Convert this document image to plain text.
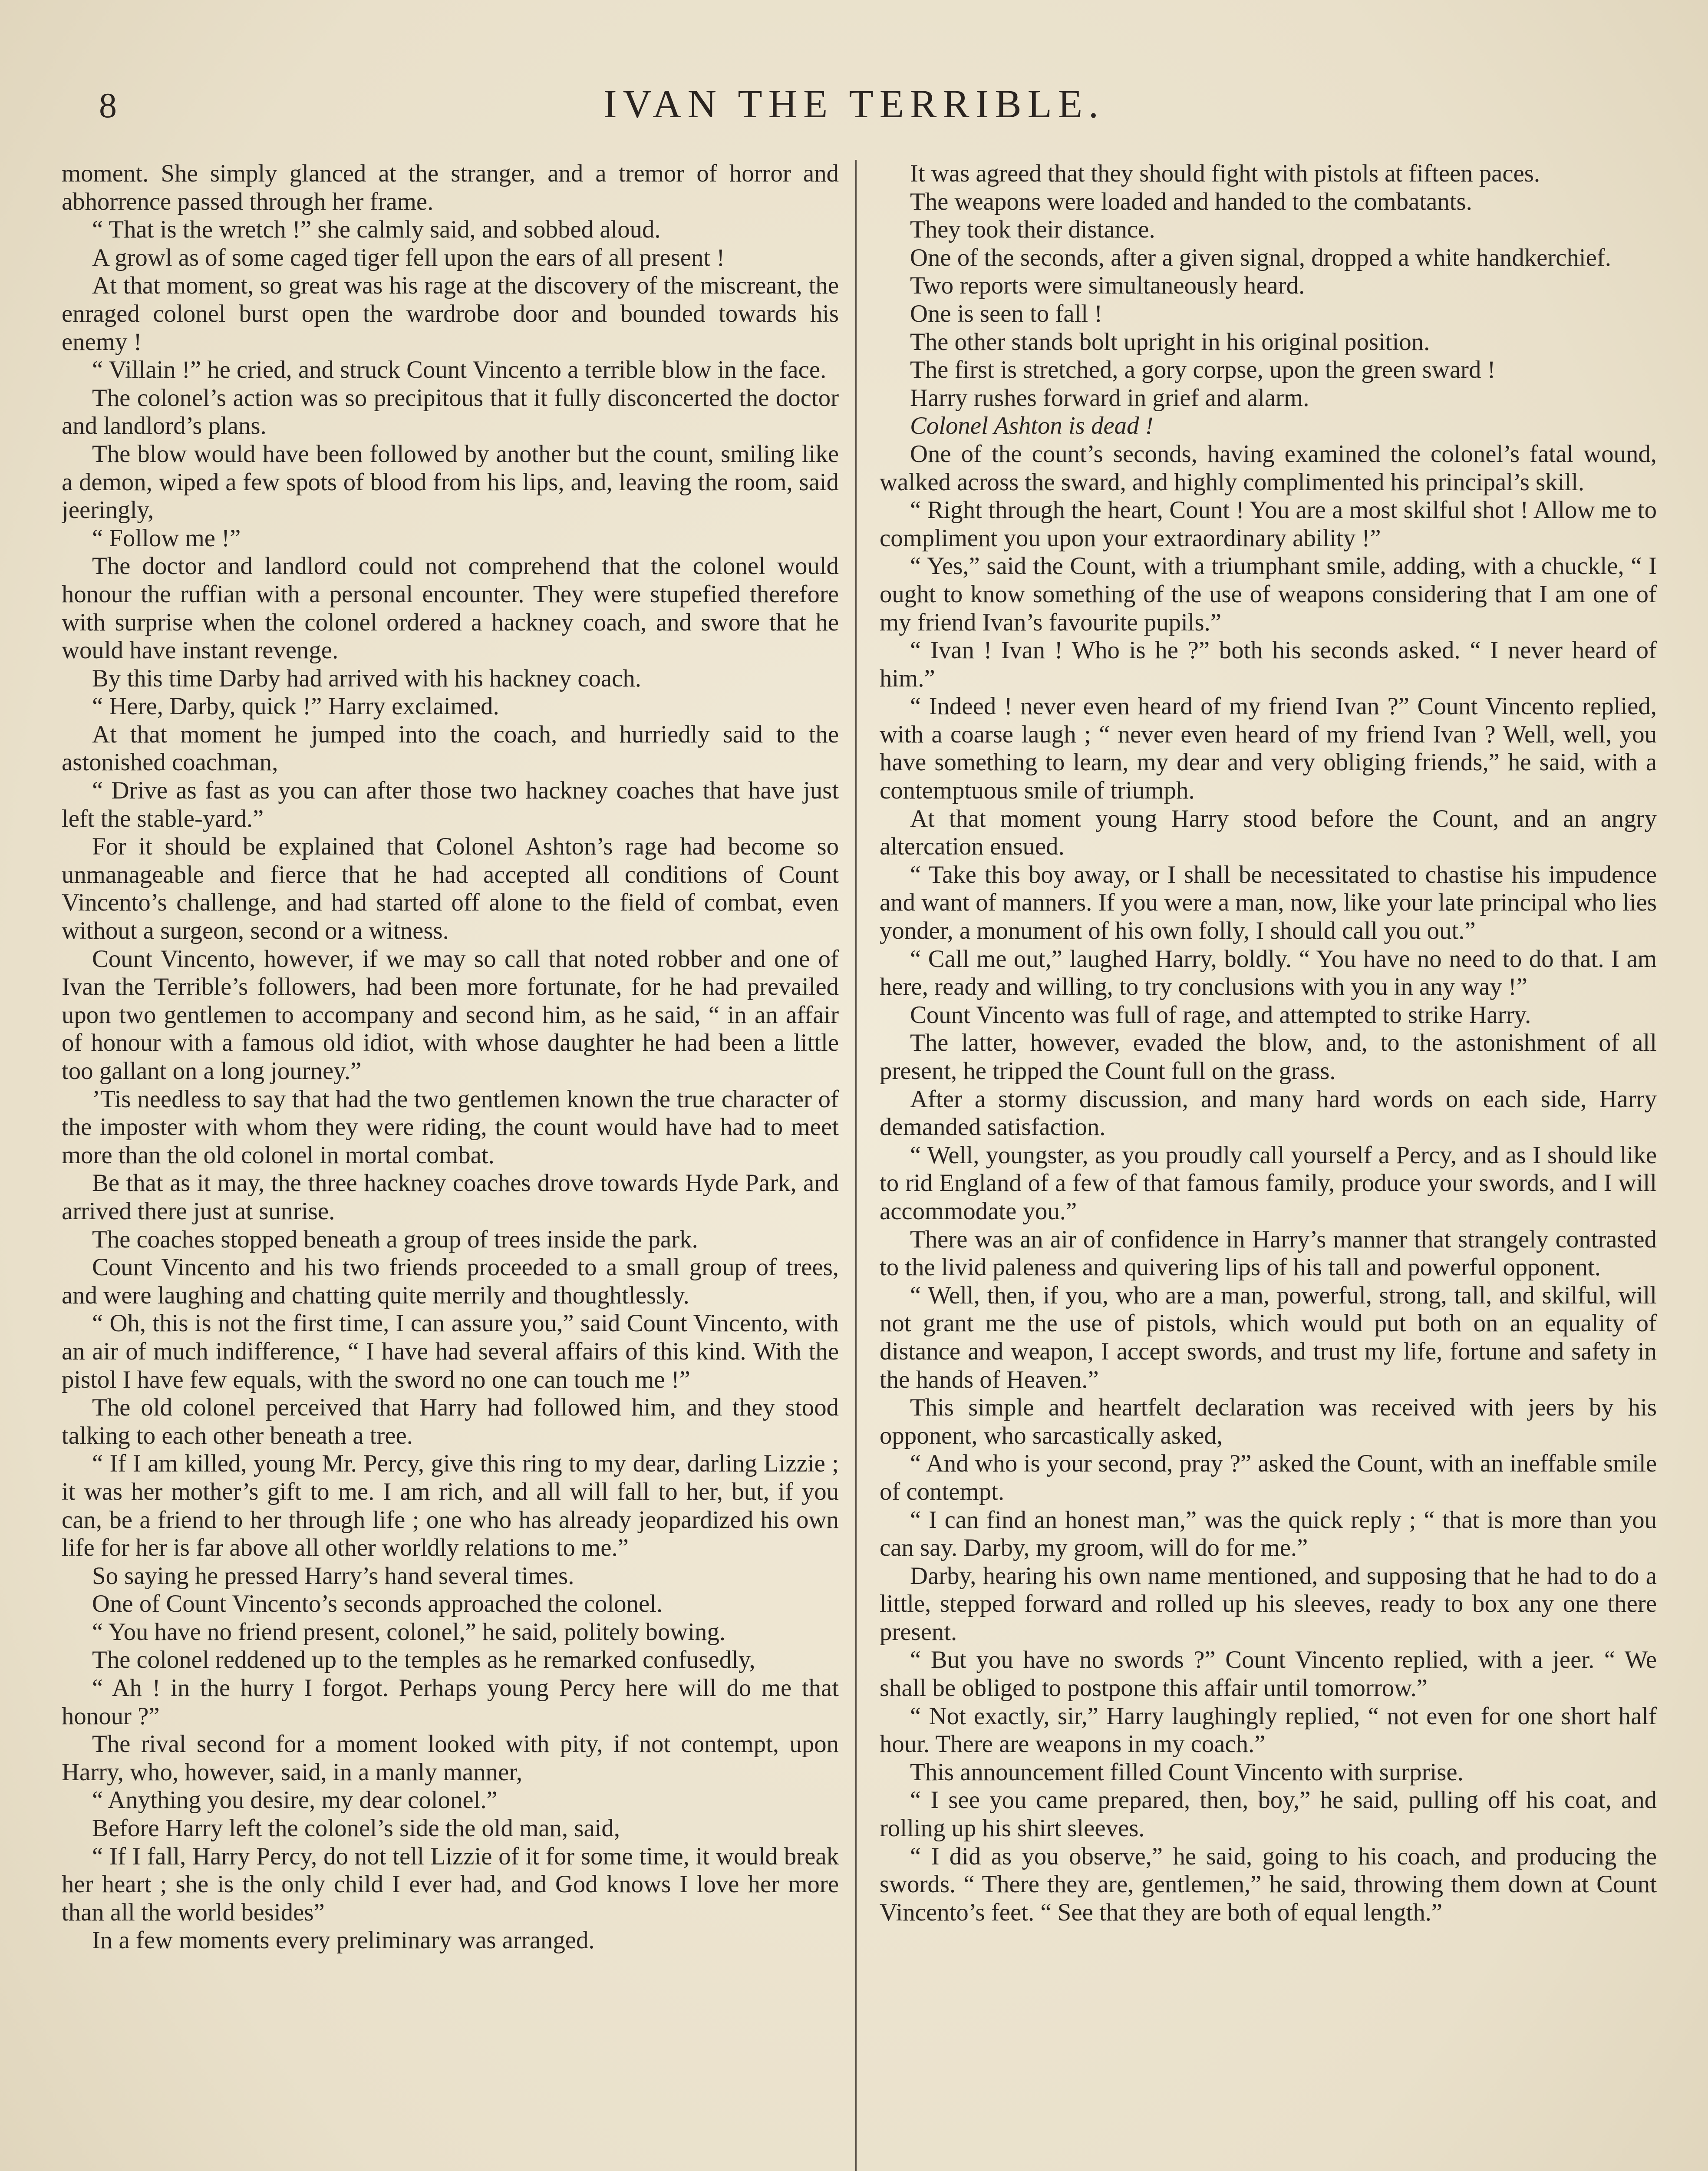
8	IVAN THE TERRIBLE.

moment. She simply glanced at the stranger, and a tremor of horror and abhorrence passed through her frame.

“ That is the wretch !” she calmly said, and sobbed aloud.

A growl as of some caged tiger fell upon the ears of all present !

At that moment, so great was his rage at the discovery of the miscreant, the enraged colonel burst open the wardrobe door and bounded towards his enemy !

“ Villain !” he cried, and struck Count Vincento a terrible blow in the face.

The colonel’s action was so precipitous that it fully disconcerted the doctor and landlord’s plans.

The blow would have been followed by another but the count, smiling like a demon, wiped a few spots of blood from his lips, and, leaving the room, said jeeringly,

“ Follow me !”

The doctor and landlord could not comprehend that the colonel would honour the ruffian with a personal encounter. They were stupefied therefore with surprise when the colonel ordered a hackney coach, and swore that he would have instant revenge.

By this time Darby had arrived with his hackney coach.

“ Here, Darby, quick !” Harry exclaimed.

At that moment he jumped into the coach, and hurriedly said to the astonished coachman,

“ Drive as fast as you can after those two hackney coaches that have just left the stable-yard.”

For it should be explained that Colonel Ashton’s rage had become so unmanageable and fierce that he had accepted all conditions of Count Vincento’s challenge, and had started off alone to the field of combat, even without a surgeon, second or a witness.

Count Vincento, however, if we may so call that noted robber and one of Ivan the Terrible’s followers, had been more fortunate, for he had prevailed upon two gentlemen to accompany and second him, as he said, “ in an affair of honour with a famous old idiot, with whose daughter he had been a little too gallant on a long journey.”

’Tis needless to say that had the two gentlemen known the true character of the imposter with whom they were riding, the count would have had to meet more than the old colonel in mortal combat.

Be that as it may, the three hackney coaches drove towards Hyde Park, and arrived there just at sunrise.

The coaches stopped beneath a group of trees inside the park.

Count Vincento and his two friends proceeded to a small group of trees, and were laughing and chatting quite merrily and thoughtlessly.

“ Oh, this is not the first time, I can assure you,” said Count Vincento, with an air of much indifference, “ I have had several affairs of this kind. With the pistol I have few equals, with the sword no one can touch me !”

The old colonel perceived that Harry had followed him, and they stood talking to each other beneath a tree.

“ If I am killed, young Mr. Percy, give this ring to my dear, darling Lizzie ; it was her mother’s gift to me. I am rich, and all will fall to her, but, if you can, be a friend to her through life ; one who has already jeopardized his own life for her is far above all other worldly relations to me.”

So saying he pressed Harry’s hand several times.

One of Count Vincento’s seconds approached the colonel.

“ You have no friend present, colonel,” he said, politely bowing.

The colonel reddened up to the temples as he remarked confusedly,

“ Ah ! in the hurry I forgot. Perhaps young Percy here will do me that honour ?”

The rival second for a moment looked with pity, if not contempt, upon Harry, who, however, said, in a manly manner,

“ Anything you desire, my dear colonel.”

Before Harry left the colonel’s side the old man, said,

“ If I fall, Harry Percy, do not tell Lizzie of it for some time, it would break her heart ; she is the only child I ever had, and God knows I love her more than all the world besides”

In a few moments every preliminary was arranged.

It was agreed that they should fight with pistols at fifteen paces.

The weapons were loaded and handed to the combatants.

They took their distance.

One of the seconds, after a given signal, dropped a white handkerchief.

Two reports were simultaneously heard.

One is seen to fall !

The other stands bolt upright in his original position.

The first is stretched, a gory corpse, upon the green sward !

Harry rushes forward in grief and alarm.

Colonel Ashton is dead !

One of the count’s seconds, having examined the colonel’s fatal wound, walked across the sward, and highly complimented his principal’s skill.

“ Right through the heart, Count ! You are a most skilful shot ! Allow me to compliment you upon your extraordinary ability !”

“ Yes,” said the Count, with a triumphant smile, adding, with a chuckle, “ I ought to know something of the use of weapons considering that I am one of my friend Ivan’s favourite pupils.”

“ Ivan ! Ivan ! Who is he ?” both his seconds asked. “ I never heard of him.”

“ Indeed ! never even heard of my friend Ivan ?” Count Vincento replied, with a coarse laugh ; “ never even heard of my friend Ivan ? Well, well, you have something to learn, my dear and very obliging friends,” he said, with a contemptuous smile of triumph.

At that moment young Harry stood before the Count, and an angry altercation ensued.

“ Take this boy away, or I shall be necessitated to chastise his impudence and want of manners. If you were a man, now, like your late principal who lies yonder, a monument of his own folly, I should call you out.”

“ Call me out,” laughed Harry, boldly. “ You have no need to do that. I am here, ready and willing, to try conclusions with you in any way !”

Count Vincento was full of rage, and attempted to strike Harry.

The latter, however, evaded the blow, and, to the astonishment of all present, he tripped the Count full on the grass.

After a stormy discussion, and many hard words on each side, Harry demanded satisfaction.

“ Well, youngster, as you proudly call yourself a Percy, and as I should like to rid England of a few of that famous family, produce your swords, and I will accommodate you.”

There was an air of confidence in Harry’s manner that strangely contrasted to the livid paleness and quivering lips of his tall and powerful opponent.

“ Well, then, if you, who are a man, powerful, strong, tall, and skilful, will not grant me the use of pistols, which would put both on an equality of distance and weapon, I accept swords, and trust my life, fortune and safety in the hands of Heaven.”

This simple and heartfelt declaration was received with jeers by his opponent, who sarcastically asked,

“ And who is your second, pray ?” asked the Count, with an ineffable smile of contempt.

“ I can find an honest man,” was the quick reply ; “ that is more than you can say. Darby, my groom, will do for me.”

Darby, hearing his own name mentioned, and supposing that he had to do a little, stepped forward and rolled up his sleeves, ready to box any one there present.

“ But you have no swords ?” Count Vincento replied, with a jeer. “ We shall be obliged to postpone this affair until tomorrow.”

“ Not exactly, sir,” Harry laughingly replied, “ not even for one short half hour. There are weapons in my coach.”

This announcement filled Count Vincento with surprise.

“ I see you came prepared, then, boy,” he said, pulling off his coat, and rolling up his shirt sleeves.

“ I did as you observe,” he said, going to his coach, and producing the swords. “ There they are, gentlemen,” he said, throwing them down at Count Vincento’s feet. “ See that they are both of equal length.”
